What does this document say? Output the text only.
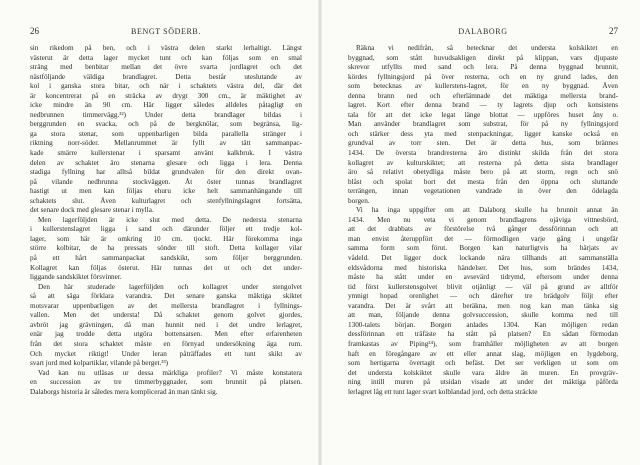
26	BENGT SÖDERB.
sin rikedom på ben, och i västra delen starkt lerhaltigt. Längst
västerut är detta lager mycket tunt och kan följas som en smal
sträng med benbitar mellan det övre svarta jordlagret och det
nästföljande väldiga brandlagret. Detta består uteslutande av
kol i ganska stora bitar, och när i schaktets västra del, där det
är koncentrerat på en sträcka av drygt 300 cm., är mäktighet av
icke mindre än 90 cm. Här ligger således alldeles påtagligt en
nedbrunnen timmervägg.³²) Under detta brandlager bildas i
berggrunden en svacka, och på de bergknölar, som begränsa, lig-
ga stora stenar, som uppenbarligen bilda parallella stränger i
riktning norr-söder. Mellanrummet är fyllt av tätt sammanpac-
kade smärre kullerstenar i sparsamt använt kalkbruk. I västra
delen av schaktet äro stenarna glesare och ligga i lera. Denna
stadiga fyllning har alltså bildat grundvalen för den direkt ovan-
på vilande nedbrunna stockväggen. Åt öster tunnas brandlagret
hastigt ut men kan följas ehuru icke helt sammanhängande till
schaktets slut. Även kulturlagret och stenfyllningslagret fortsätta,
det senare dock med glesare stenar i mylla.
Men lagerföljden är icke slut med detta. De nedersta stenarna
i kullerstenslagret ligga i sand och därunder följer ett tredje kol-
lager, som här är omkring 10 cm. tjockt. Här förekomma inga
större kolbitar, de ha pressats sönder till stoft. Detta kollager vilar
på ett hårt sammanpackat sandskikt, som följer berggrunden.
Kollagret kan följas österut. Här tunnas det ut och det under-
liggande sandskiktet försvinner.
Den här studerade lagerföljden och kollagret under stengolvet
så att säga förklara varandra. Det senare ganska mäktiga skiktet
motsvarar uppenbarligen av det mellersta brandlagret i fyllnings-
vallen. Men det understa! Då schaktet genom golvet gjordes,
avbröt jag grävningen, då man hunnit ned i det undre lerlagret,
enär jag trodde detta utgöra bottensatsen. Men efter erfarenheten
från det stora schaktet måste en förnyad undersökning äga rum.
Och mycket riktigt! Under leran påträffades ett tunt skikt av
svart jord med kolpartiklar, vilande på berget.³³)
Vad kan nu utläsas ur dessa märkliga profiler? Vi måste konstatera
en succession av tre timmerbyggnader, som brunnit på platsen.
Dalaborgs historia är således mera komplicerad än man tänkt sig.
DALABORG	27
Räkna vi nedifrån, så betecknar det understa kolskiktet en
byggnad, som stått huvudsakligen direkt på klippan, vars djupaste
skrevor utfyllts med sand och lera. På denna byggnad brunnit,
kördes fyllningsjord på över resterna, och en ny grund lades, den
som betecknas av kullerstens-lagret, för en ny byggnad. Även
denna brann ned och efterlämnade det mäktiga mellersta brand-
lagret. Kort efter denna brand — ty lagrets djup och konsistens
tala för att det icke legat länge blottat — uppföres huset åny o.
Man använder brandlagret som substrat, för på ny fyllningsjord
och stärker dess yta med stenpackningar, ligger kanske också en
grundval av torr sten. Det är detta hus, som brännes
1434. De översta brandresterna äro distinkt skilda från det stora
kollagret av kulturskiktet; att resterna på detta sista brandlager
äro så relativt obetydliga måste bero på att storm, regn och snö
blåst och spolat bort det mesta från den öppna och sluttande
terrängen, innan vegetationen vandrade in över den ödelagda
borgen.
Vi ha inga uppgifter om att Dalaborg skulle ha brunnit annat än
1434. Men nu veta vi genom brandlagrens ojäviga vittnesbörd,
att det drabbats av förstörelse två gånger dessförinnan och att
man envist återuppfört det — förmodligen varje gång i ungefär
samma form som förut. Borgen kan naturligtvis ha härjats av
vådeld. Det ligger dock lockande nära tillhands att sammanställa
eldsvådorna med historiska händelser. Det hus, som brändes 1434,
måste ha stått under en avsevärd tidrymd, eftersom under denna
tid först kullerstensgolvet blivit otjänligt — väl på grund av alltför
ymnigt hopad orenlighet — och därefter tre brädgolv följt efter
varandra. Det är svårt att beräkna, men nog kan man tänka sig
att man, följande denna golvsuccession, skulle komma ned till
1300-talets början. Borgen anlades 1304. Kan möjligen redan
dessförinnan ett träfäste ha stått på platsen? En sådan förmodan
framkastas av Piping³⁴), som framhåller möjligheten av att borgen
haft en föregångare av ett eller annat slag, möjligen en lygdeborg,
som hertigarna övertagit och befäst. Det ser verkligen ut som om
det understa kolskiktet skulle vara äldre än muren. En provgräv-
ning intill muren på utsidan visade att under det mäktiga påförda
lerlagret låg ett tunt lager svart kolblandad jord, och detta sträckte
